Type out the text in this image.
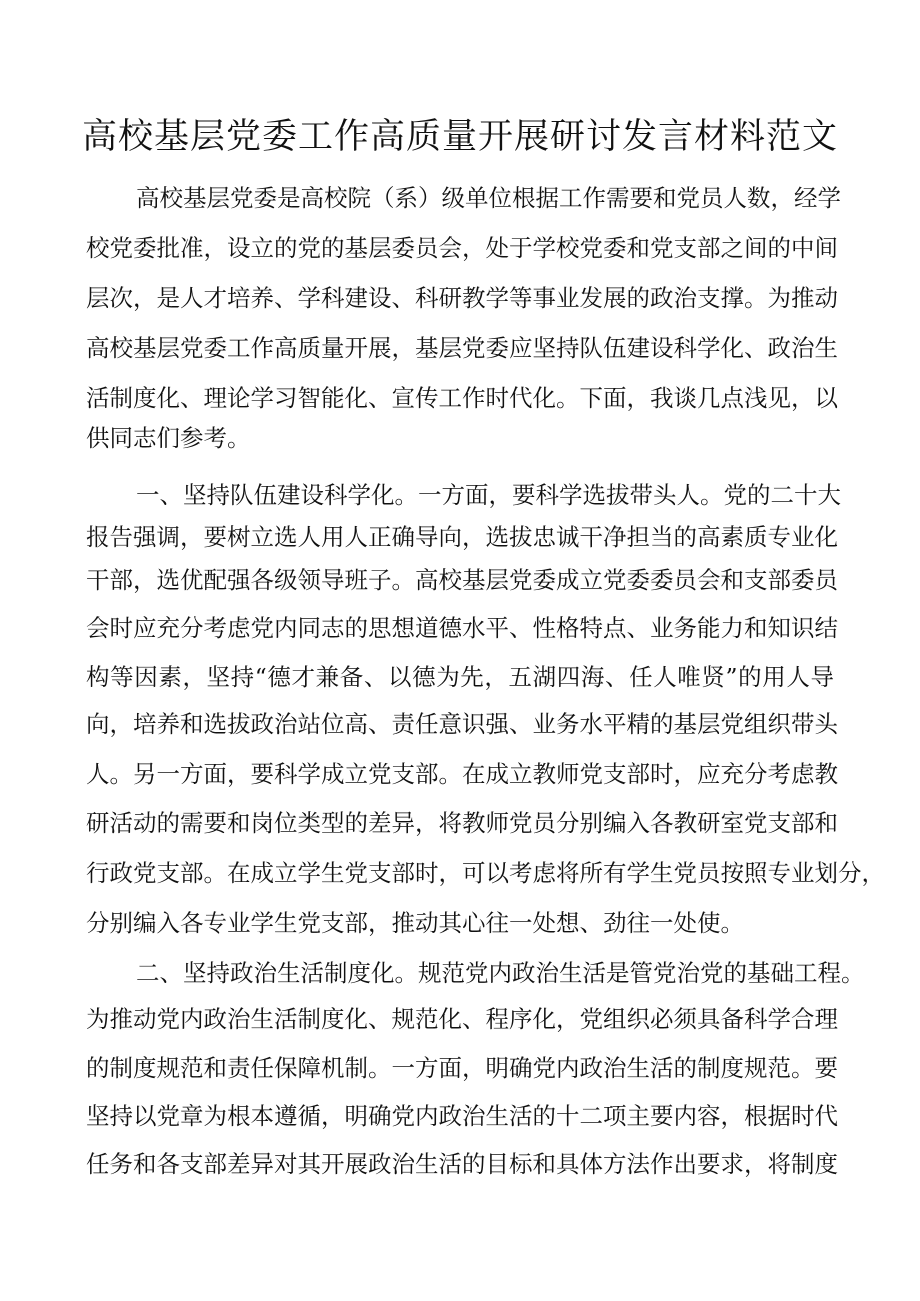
高校基层党委工作高质量开展研讨发言材料范文
高校基层党委是高校院（系）级单位根据工作需要和党员人数，经学
校党委批准，设立的党的基层委员会，处于学校党委和党支部之间的中间
层次，是人才培养、学科建设、科研教学等事业发展的政治支撑。为推动
高校基层党委工作高质量开展，基层党委应坚持队伍建设科学化、政治生
活制度化、理论学习智能化、宣传工作时代化。下面，我谈几点浅见，以
供同志们参考。
一、坚持队伍建设科学化。一方面，要科学选拔带头人。党的二十大
报告强调，要树立选人用人正确导向，选拔忠诚干净担当的高素质专业化
干部，选优配强各级领导班子。高校基层党委成立党委委员会和支部委员
会时应充分考虑党内同志的思想道德水平、性格特点、业务能力和知识结
构等因素，坚持“德才兼备、以德为先，五湖四海、任人唯贤”的用人导
向，培养和选拔政治站位高、责任意识强、业务水平精的基层党组织带头
人。另一方面，要科学成立党支部。在成立教师党支部时，应充分考虑教
研活动的需要和岗位类型的差异，将教师党员分别编入各教研室党支部和
行政党支部。在成立学生党支部时，可以考虑将所有学生党员按照专业划分，
分别编入各专业学生党支部，推动其心往一处想、劲往一处使。
二、坚持政治生活制度化。规范党内政治生活是管党治党的基础工程。
为推动党内政治生活制度化、规范化、程序化，党组织必须具备科学合理
的制度规范和责任保障机制。一方面，明确党内政治生活的制度规范。要
坚持以党章为根本遵循，明确党内政治生活的十二项主要内容，根据时代
任务和各支部差异对其开展政治生活的目标和具体方法作出要求，将制度
